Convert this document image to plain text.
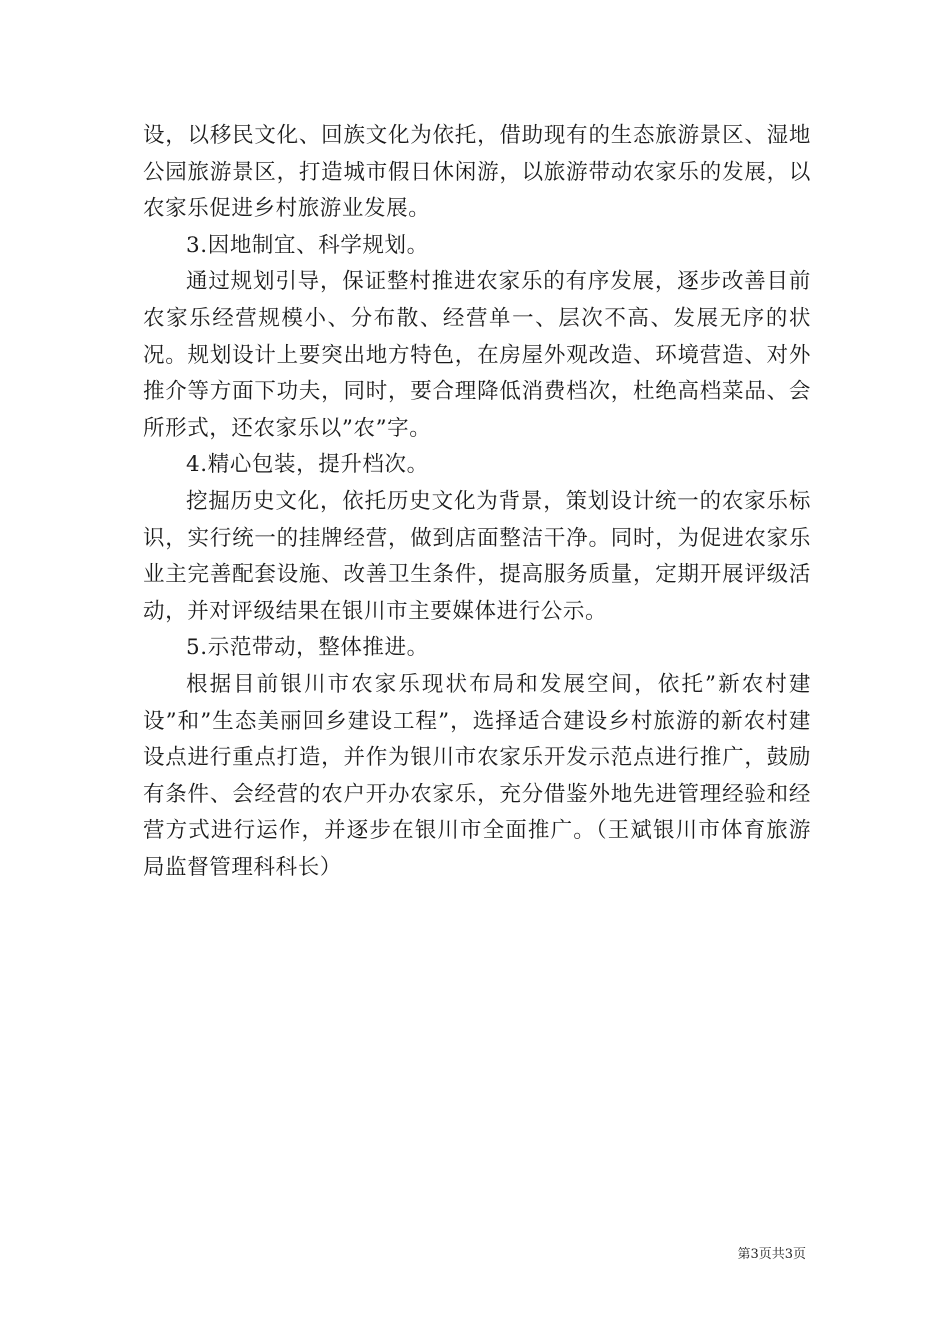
设，以移民文化、回族文化为依托，借助现有的生态旅游景区、湿地公园旅游景区，打造城市假日休闲游，以旅游带动农家乐的发展，以农家乐促进乡村旅游业发展。

3.因地制宜、科学规划。

通过规划引导，保证整村推进农家乐的有序发展，逐步改善目前农家乐经营规模小、分布散、经营单一、层次不高、发展无序的状况。规划设计上要突出地方特色，在房屋外观改造、环境营造、对外推介等方面下功夫，同时，要合理降低消费档次，杜绝高档菜品、会所形式，还农家乐以”农”字。

4.精心包装，提升档次。

挖掘历史文化，依托历史文化为背景，策划设计统一的农家乐标识，实行统一的挂牌经营，做到店面整洁干净。同时，为促进农家乐业主完善配套设施、改善卫生条件，提高服务质量，定期开展评级活动，并对评级结果在银川市主要媒体进行公示。

5.示范带动，整体推进。

根据目前银川市农家乐现状布局和发展空间，依托”新农村建设”和”生态美丽回乡建设工程”，选择适合建设乡村旅游的新农村建设点进行重点打造，并作为银川市农家乐开发示范点进行推广，鼓励有条件、会经营的农户开办农家乐，充分借鉴外地先进管理经验和经营方式进行运作，并逐步在银川市全面推广。（王斌银川市体育旅游局监督管理科科长）

第3页共3页
